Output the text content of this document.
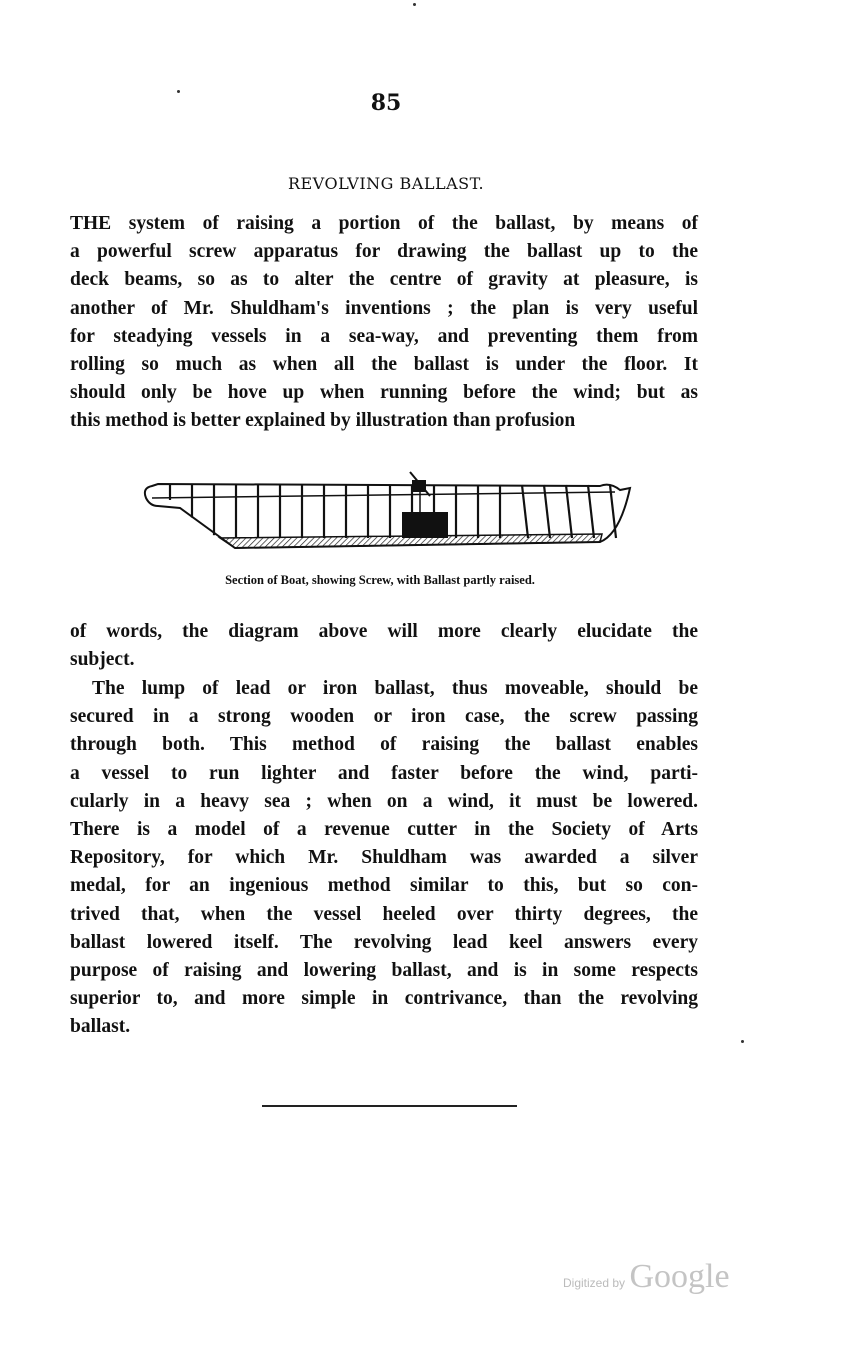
85
REVOLVING BALLAST.
THE system of raising a portion of the ballast, by means of
a powerful screw apparatus for drawing the ballast up to the
deck beams, so as to alter the centre of gravity at pleasure, is
another of Mr. Shuldham's inventions ; the plan is very useful
for steadying vessels in a sea-way, and preventing them from
rolling so much as when all the ballast is under the floor. It
should only be hove up when running before the wind; but as
this method is better explained by illustration than profusion
Section of Boat, showing Screw, with Ballast partly raised.
of words, the diagram above will more clearly elucidate the
subject.
The lump of lead or iron ballast, thus moveable, should be
secured in a strong wooden or iron case, the screw passing
through both. This method of raising the ballast enables
a vessel to run lighter and faster before the wind, parti-
cularly in a heavy sea ; when on a wind, it must be lowered.
There is a model of a revenue cutter in the Society of Arts
Repository, for which Mr. Shuldham was awarded a silver
medal, for an ingenious method similar to this, but so con-
trived that, when the vessel heeled over thirty degrees, the
ballast lowered itself. The revolving lead keel answers every
purpose of raising and lowering ballast, and is in some respects
superior to, and more simple in contrivance, than the revolving
ballast.
Digitized by Google
